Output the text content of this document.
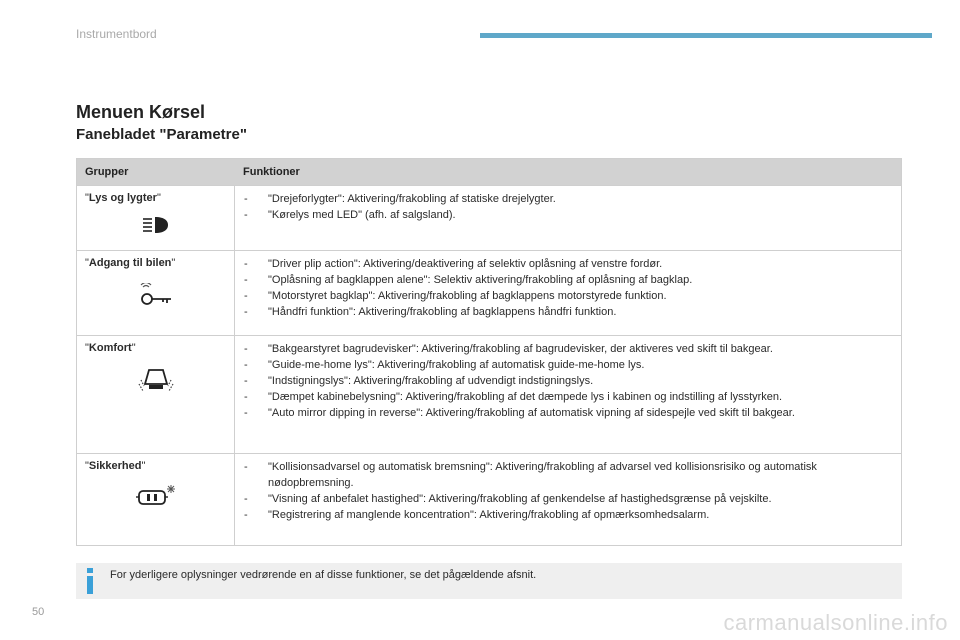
Instrumentbord
Menuen Kørsel
Fanebladet "Parametre"
Grupper	Funktioner
"Lys og lygter"	- "Drejeforlygter": Aktivering/frakobling af statiske drejelygter.
- "Kørelys med LED" (afh. af salgsland).
"Adgang til bilen"	- "Driver plip action": Aktivering/deaktivering af selektiv oplåsning af venstre fordør.
- "Oplåsning af bagklappen alene": Selektiv aktivering/frakobling af oplåsning af bagklap.
- "Motorstyret bagklap": Aktivering/frakobling af bagklappens motorstyrede funktion.
- "Håndfri funktion": Aktivering/frakobling af bagklappens håndfri funktion.
"Komfort"	- "Bakgearstyret bagrudevisker": Aktivering/frakobling af bagrudevisker, der aktiveres ved skift til bakgear.
- "Guide-me-home lys": Aktivering/frakobling af automatisk guide-me-home lys.
- "Indstigningslys": Aktivering/frakobling af udvendigt indstigningslys.
- "Dæmpet kabinebelysning": Aktivering/frakobling af det dæmpede lys i kabinen og indstilling af lysstyrken.
- "Auto mirror dipping in reverse": Aktivering/frakobling af automatisk vipning af sidespejle ved skift til bakgear.
"Sikkerhed"	- "Kollisionsadvarsel og automatisk bremsning": Aktivering/frakobling af advarsel ved kollisionsrisiko og automatisk nødopbremsning.
- "Visning af anbefalet hastighed": Aktivering/frakobling af genkendelse af hastighedsgrænse på vejskilte.
- "Registrering af manglende koncentration": Aktivering/frakobling af opmærksomhedsalarm.
For yderligere oplysninger vedrørende en af disse funktioner, se det pågældende afsnit.
50	carmanualsonline.info
